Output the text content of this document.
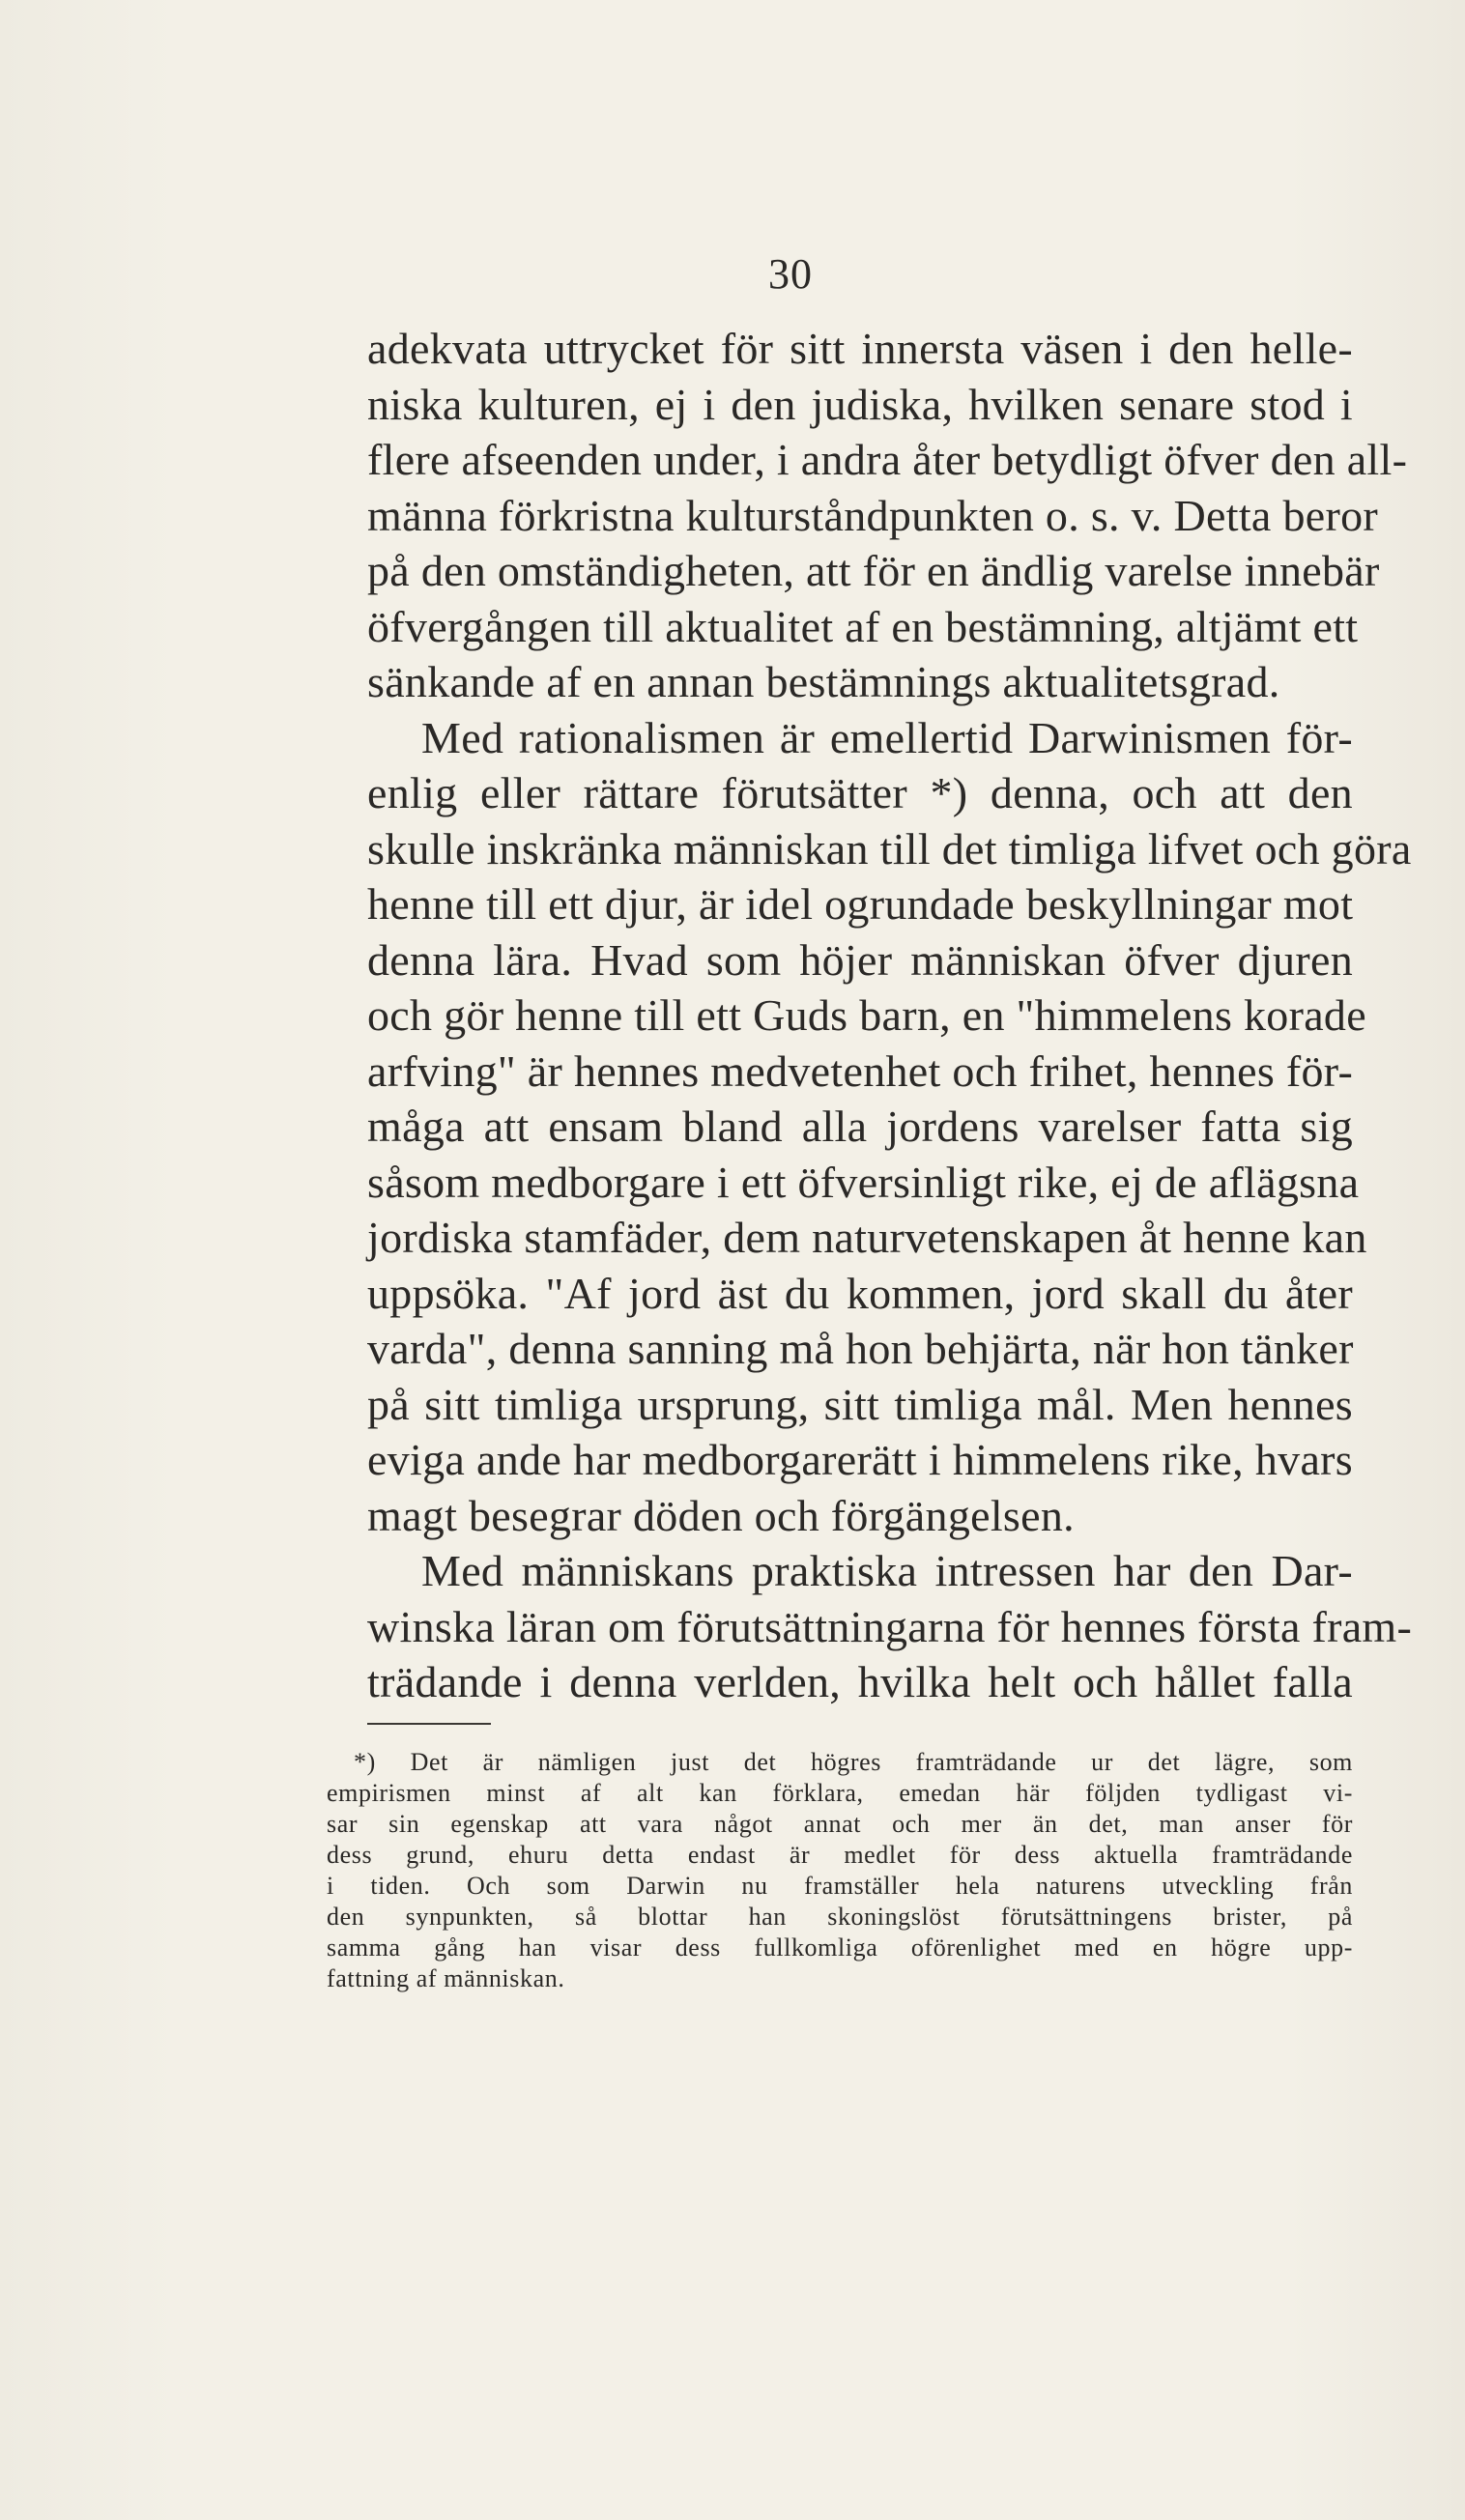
30
adekvata uttrycket för sitt innersta väsen i den helle-
niska kulturen, ej i den judiska, hvilken senare stod i
flere afseenden under, i andra åter betydligt öfver den all-
männa förkristna kulturståndpunkten o. s. v. Detta beror
på den omständigheten, att för en ändlig varelse innebär
öfvergången till aktualitet af en bestämning, altjämt ett
sänkande af en annan bestämnings aktualitetsgrad.
Med rationalismen är emellertid Darwinismen för-
enlig eller rättare förutsätter *) denna, och att den
skulle inskränka människan till det timliga lifvet och göra
henne till ett djur, är idel ogrundade beskyllningar mot
denna lära. Hvad som höjer människan öfver djuren
och gör henne till ett Guds barn, en "himmelens korade
arfving" är hennes medvetenhet och frihet, hennes för-
måga att ensam bland alla jordens varelser fatta sig
såsom medborgare i ett öfversinligt rike, ej de aflägsna
jordiska stamfäder, dem naturvetenskapen åt henne kan
uppsöka. "Af jord äst du kommen, jord skall du åter
varda", denna sanning må hon behjärta, när hon tänker
på sitt timliga ursprung, sitt timliga mål. Men hennes
eviga ande har medborgarerätt i himmelens rike, hvars
magt besegrar döden och förgängelsen.
Med människans praktiska intressen har den Dar-
winska läran om förutsättningarna för hennes första fram-
trädande i denna verlden, hvilka helt och hållet falla
*) Det är nämligen just det högres framträdande ur det lägre, som
empirismen minst af alt kan förklara, emedan här följden tydligast vi-
sar sin egenskap att vara något annat och mer än det, man anser för
dess grund, ehuru detta endast är medlet för dess aktuella framträdande
i tiden. Och som Darwin nu framställer hela naturens utveckling från
den synpunkten, så blottar han skoningslöst förutsättningens brister, på
samma gång han visar dess fullkomliga oförenlighet med en högre upp-
fattning af människan.
